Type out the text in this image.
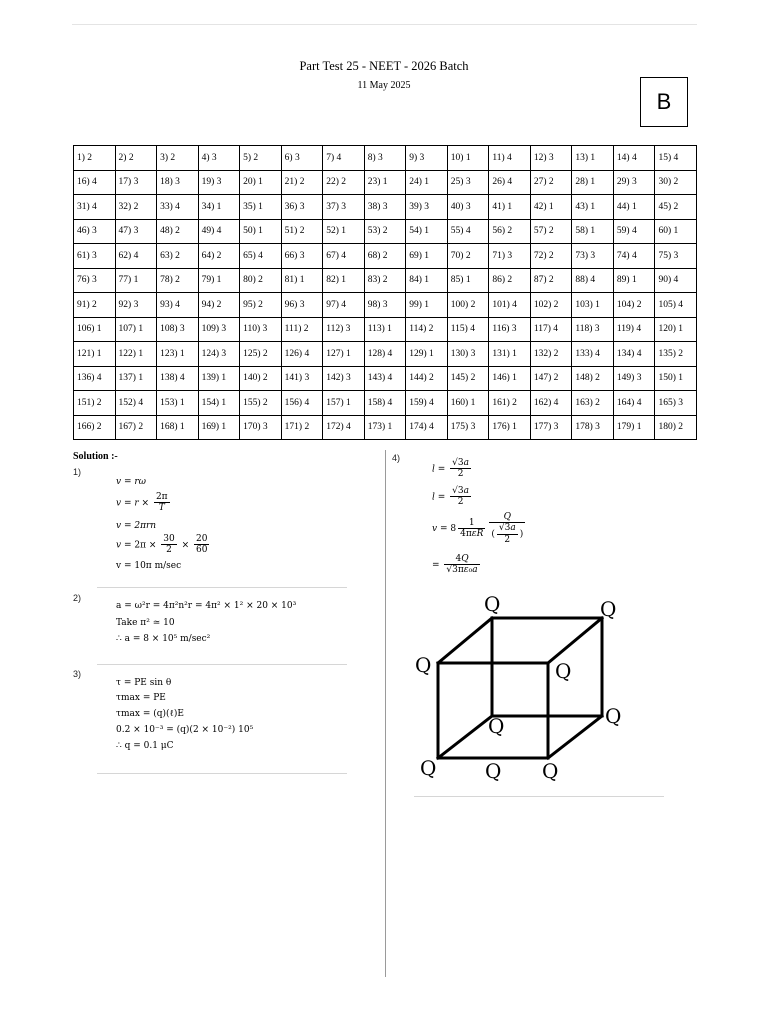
Part Test 25 - NEET - 2026 Batch
11 May 2025
B
1) 2	2) 2	3) 2	4) 3	5) 2	6) 3	7) 4	8) 3	9) 3	10) 1	11) 4	12) 3	13) 1	14) 4	15) 4
16) 4	17) 3	18) 3	19) 3	20) 1	21) 2	22) 2	23) 1	24) 1	25) 3	26) 4	27) 2	28) 1	29) 3	30) 2
31) 4	32) 2	33) 4	34) 1	35) 1	36) 3	37) 3	38) 3	39) 3	40) 3	41) 1	42) 1	43) 1	44) 1	45) 2
46) 3	47) 3	48) 2	49) 4	50) 1	51) 2	52) 1	53) 2	54) 1	55) 4	56) 2	57) 2	58) 1	59) 4	60) 1
61) 3	62) 4	63) 2	64) 2	65) 4	66) 3	67) 4	68) 2	69) 1	70) 2	71) 3	72) 2	73) 3	74) 4	75) 3
76) 3	77) 1	78) 2	79) 1	80) 2	81) 1	82) 1	83) 2	84) 1	85) 1	86) 2	87) 2	88) 4	89) 1	90) 4
91) 2	92) 3	93) 4	94) 2	95) 2	96) 3	97) 4	98) 3	99) 1	100) 2	101) 4	102) 2	103) 1	104) 2	105) 4
106) 1	107) 1	108) 3	109) 3	110) 3	111) 2	112) 3	113) 1	114) 2	115) 4	116) 3	117) 4	118) 3	119) 4	120) 1
121) 1	122) 1	123) 1	124) 3	125) 2	126) 4	127) 1	128) 4	129) 1	130) 3	131) 1	132) 2	133) 4	134) 4	135) 2
136) 4	137) 1	138) 4	139) 1	140) 2	141) 3	142) 3	143) 4	144) 2	145) 2	146) 1	147) 2	148) 2	149) 3	150) 1
151) 2	152) 4	153) 1	154) 1	155) 2	156) 4	157) 1	158) 4	159) 4	160) 1	161) 2	162) 4	163) 2	164) 4	165) 3
166) 2	167) 2	168) 1	169) 1	170) 3	171) 2	172) 4	173) 1	174) 4	175) 3	176) 1	177) 3	178) 3	179) 1	180) 2
Solution :-
1)
v = rω
$v = r \times \frac{2\pi}{T}$
v = 2πrn
$v = 2\pi \times \frac{30}{2} \times \frac{20}{60}$
v = 10π m/sec
2)
a = ω²r = 4π²n²r = 4π² × 1² × 20 × 10³
Take π² ≃ 10
∴ a = 8 × 10⁵ m/sec²
3)
τ = PE sin θ
τmax = PE
τmax = (q)(ℓ)E
0.2 × 10⁻³ = (q)(2 × 10⁻²) 10⁵
∴ q = 0.1 μC
4)
$l = \frac{√3a}{2}$
$l = \frac{√3a}{2}$
$v = 8 \frac{1}{\text{4πεR}} \frac{Q}{( \frac{√3a}{2} )}$
= $\frac{4Q}{\text{√3πε₀a}}$
Q	Q
Q	Q
Q	Q
Q Q Q
